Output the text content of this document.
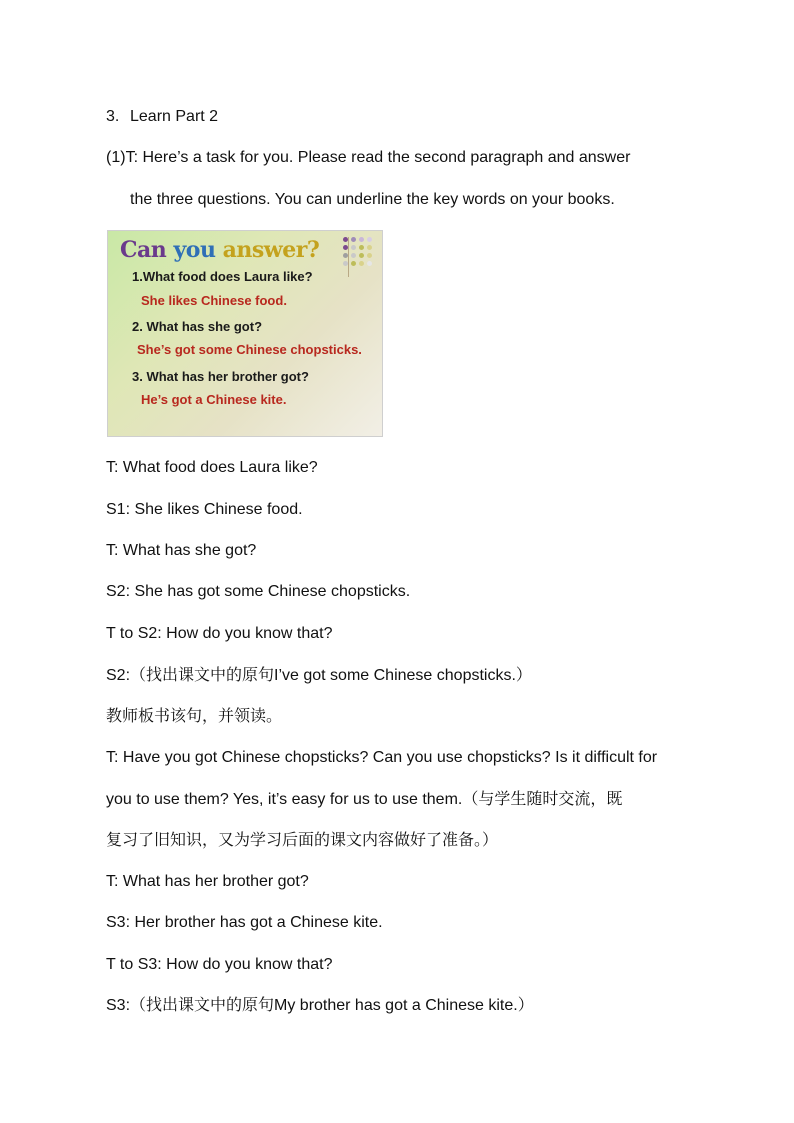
3. Learn Part 2
(1)T: Here’s a task for you. Please read the second paragraph and answer
the three questions. You can underline the key words on your books.
Can you answer?
1.What food does Laura like?
She likes Chinese food.
2. What has she got?
She’s got some Chinese chopsticks.
3. What has her brother got?
He’s got a Chinese kite.
T: What food does Laura like?
S1: She likes Chinese food.
T: What has she got?
S2: She has got some Chinese chopsticks.
T to S2: How do you know that?
S2:（找出课文中的原句I’ve got some Chinese chopsticks.）
教师板书该句，并领读。
T: Have you got Chinese chopsticks? Can you use chopsticks? Is it difficult for
you to use them? Yes, it’s easy for us to use them.（与学生随时交流，既
复习了旧知识，又为学习后面的课文内容做好了准备。）
T: What has her brother got?
S3: Her brother has got a Chinese kite.
T to S3: How do you know that?
S3:（找出课文中的原句My brother has got a Chinese kite.）
